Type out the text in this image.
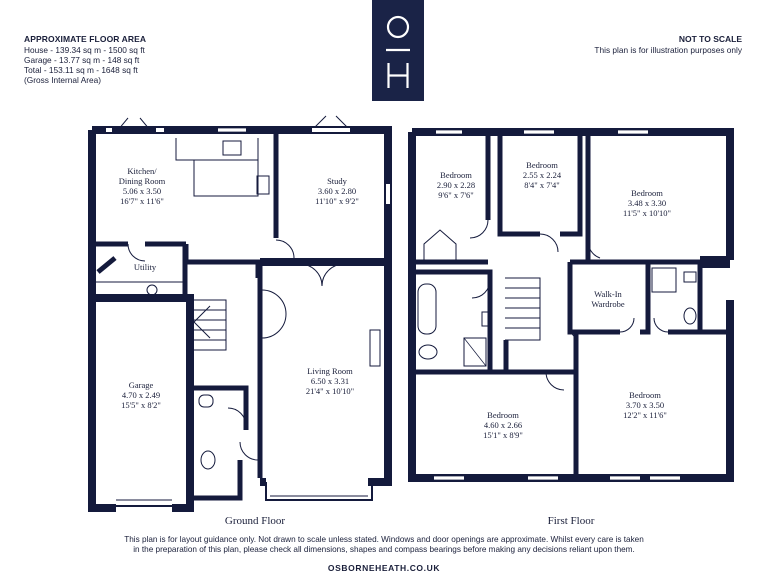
APPROXIMATE FLOOR AREA
House - 139.34 sq m - 1500 sq ft
Garage - 13.77 sq m - 148 sq ft
Total - 153.11 sq m - 1648 sq ft
(Gross Internal Area)
NOT TO SCALE
This plan is for illustration purposes only
Kitchen/
Dining Room
5.06 x 3.50
16'7" x 11'6"
Study
3.60 x 2.80
11'10" x 9'2"
Utility
Living Room
6.50 x 3.31
21'4" x 10'10"
Garage
4.70 x 2.49
15'5" x 8'2"
Ground Floor
Bedroom
2.90 x 2.28
9'6" x 7'6"
Bedroom
2.55 x 2.24
8'4" x 7'4"
Bedroom
3.48 x 3.30
11'5" x 10'10"
Walk-In
Wardrobe
Bedroom
4.60 x 2.66
15'1" x 8'9"
Bedroom
3.70 x 3.50
12'2" x 11'6"
First Floor
This plan is for layout guidance only. Not drawn to scale unless stated. Windows and door openings are approximate. Whilst every care is taken
in the preparation of this plan, please check all dimensions, shapes and compass bearings before making any decisions reliant upon them.
OSBORNEHEATH.CO.UK
